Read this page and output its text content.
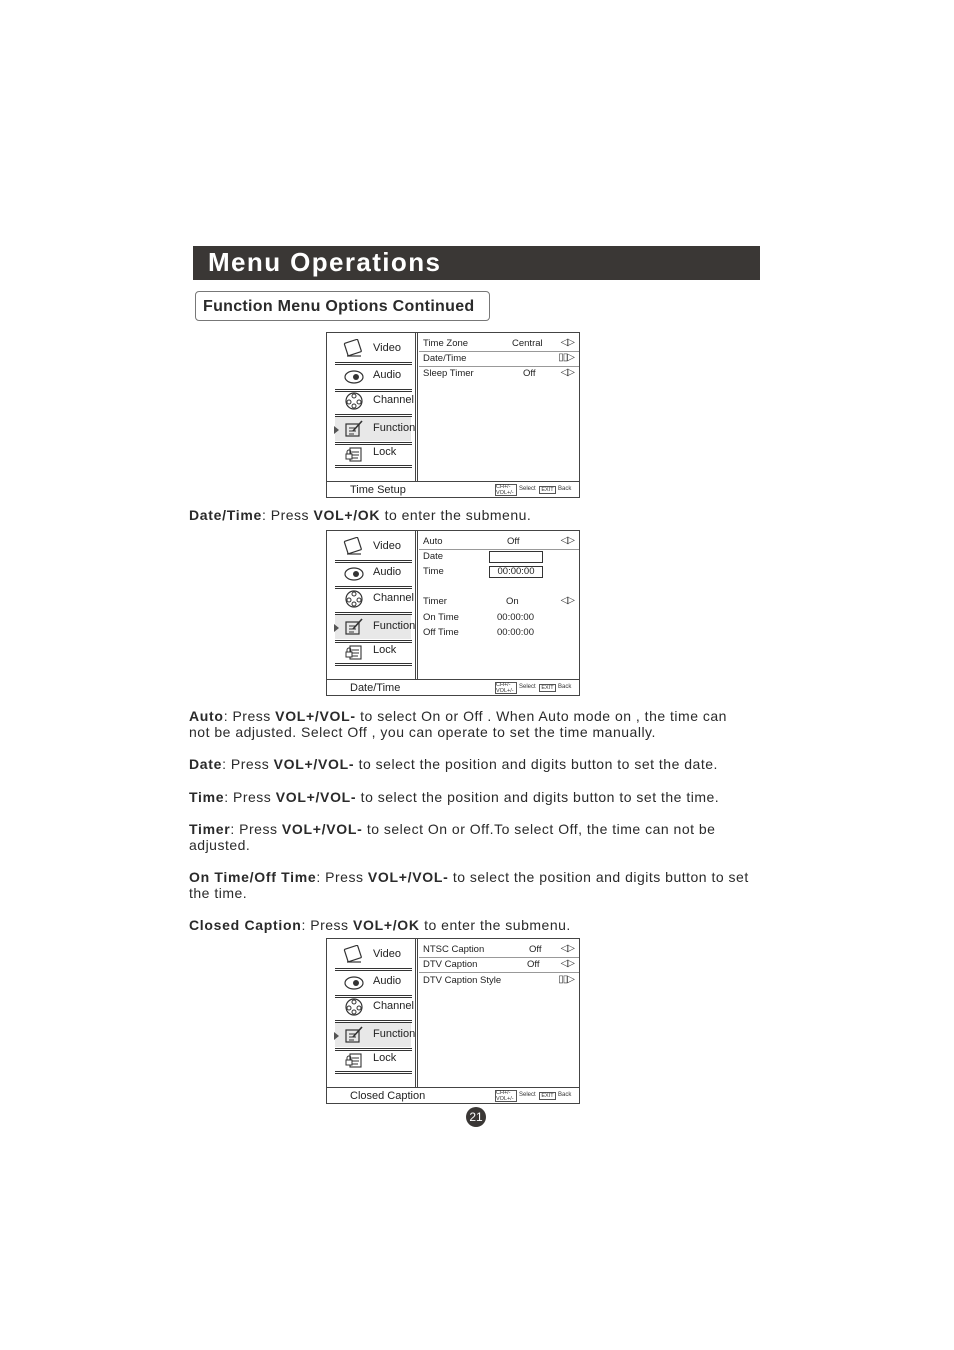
Menu Operations
Function Menu Options Continued
Video
Audio
Channel
Function
Lock
Time Zone	Central ◁▷
Date/Time	▯▯▷
Sleep Timer	Off	◁▷
Time Setup	CH+/-
VOL+/-
Select	EXIT Back
Date/Time: Press VOL+/OK to enter the submenu.
Video
Audio
Channel
Function
Lock
Auto	Off	◁▷
Date
Time	00:00:00
Timer	On	◁▷
On Time	00:00:00
Off Time	00:00:00
Date/Time	CH+/-
VOL+/-
Select	EXIT Back
Auto: Press VOL+/VOL- to select On or Off . When Auto mode on , the time can not be adjusted. Select Off , you can operate to set the time manually.
Date: Press VOL+/VOL- to select the position and digits button to set the date.
Time: Press VOL+/VOL- to select the position and digits button to set the time.
Timer: Press VOL+/VOL- to select On or Off.To select Off, the time can not be adjusted.
On Time/Off Time: Press VOL+/VOL- to select the position and digits button to set the time.
Closed Caption: Press VOL+/OK to enter the submenu.
Video
Audio
Channel
Function
Lock
NTSC Caption	Off ◁▷
DTV Caption	Off ◁▷
DTV Caption Style	▯▯▷
Closed Caption	CH+/-
VOL+/-
Select	EXIT Back
21
